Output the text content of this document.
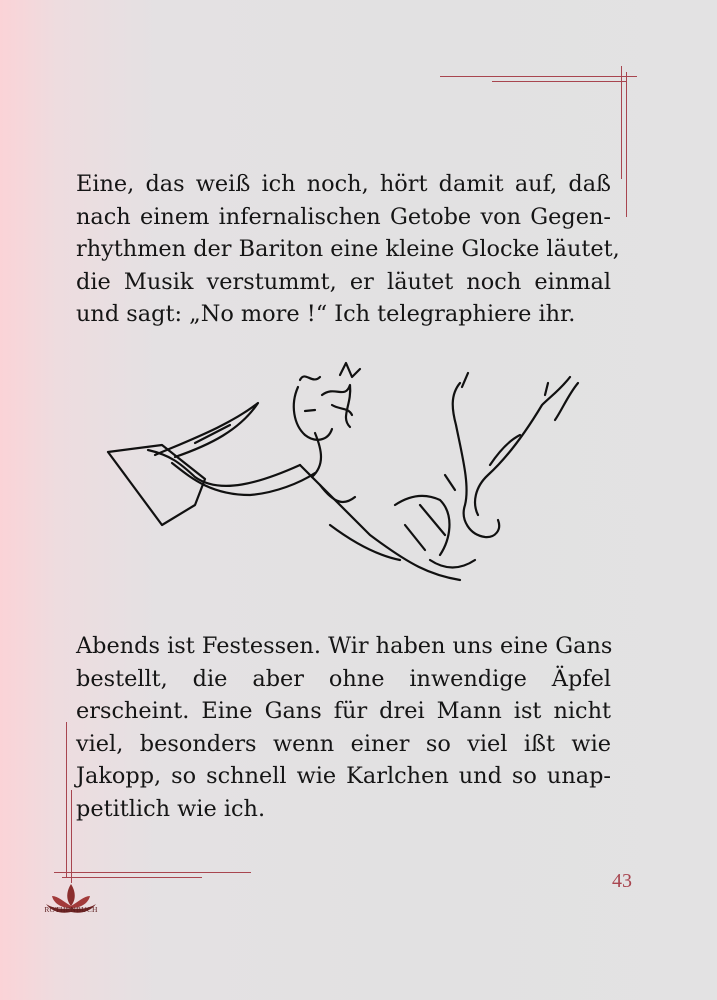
Eine, das weiß ich noch, hört damit auf, daß
nach einem infernalischen Getobe von Gegen-
rhythmen der Bariton eine kleine Glocke läutet,
die Musik verstummt, er läutet noch einmal
und sagt: „No more !“ Ich telegraphiere ihr.

Abends ist Festessen. Wir haben uns eine Gans
bestellt, die aber ohne inwendige Äpfel
erscheint. Eine Gans für drei Mann ist nicht
viel, besonders wenn einer so viel ißt wie
Jakopp, so schnell wie Karlchen und so unap-
petitlich wie ich.

43
ROTHENBUCH
